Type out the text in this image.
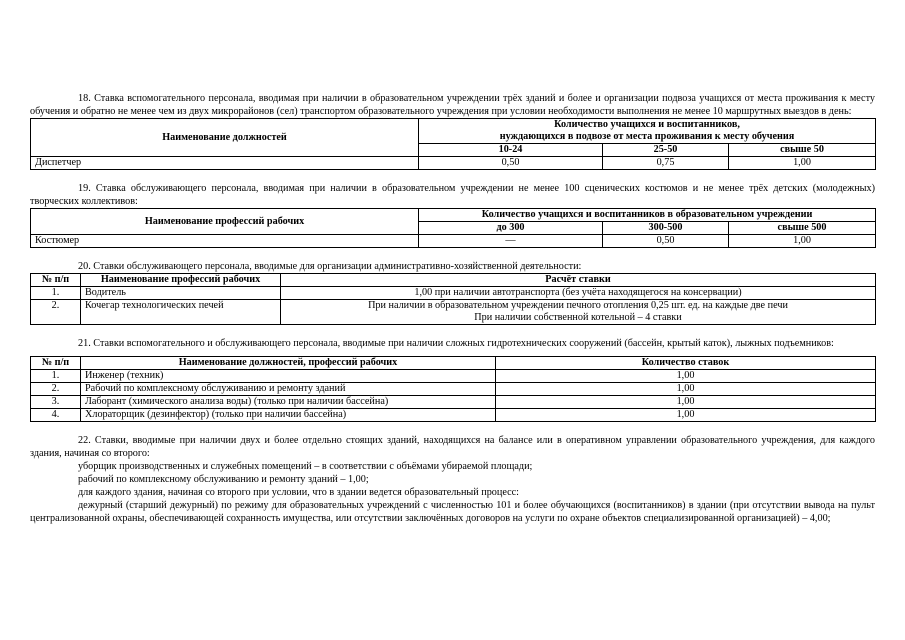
18. Ставка вспомогательного персонала, вводимая при наличии в образовательном учреждении трёх зданий и более и организации подвоза учащихся от места проживания к месту обучения и обратно не менее чем из двух микрорайонов (сел) транспортом образовательного учреждения при условии необходимости выполнения не менее 10 маршрутных выездов в день:

Наименование должностей	Количество учащихся и воспитанников,
нуждающихся в подвозе от места проживания к месту обучения		

	10-24	25-50	свыше 50
Диспетчер	0,50	0,75	1,00

19. Ставка обслуживающего персонала, вводимая при наличии в образовательном учреждении не менее 100 сценических костюмов и не менее трёх детских (молодежных) творческих коллективов:

Наименование профессий рабочих	Количество учащихся и воспитанников в образовательном учреждении		
	до 300	300-500	свыше 500
Костюмер	—	0,50	1,00

20. Ставки обслуживающего персонала, вводимые для организации административно-хозяйственной деятельности:

№ п/п	Наименование профессий рабочих	Расчёт ставки
1.	Водитель	1,00 при наличии автотранспорта (без учёта находящегося на консервации)
2.	Кочегар технологических печей	При наличии в образовательном учреждении печного отопления 0,25 шт. ед. на каждые две печи
При наличии собственной котельной – 4 ставки

21. Ставки вспомогательного и обслуживающего персонала, вводимые при наличии сложных гидротехнических сооружений (бассейн, крытый каток), лыжных подъемников:

№ п/п	Наименование должностей, профессий рабочих	Количество ставок
1.	Инженер (техник)	1,00
2.	Рабочий по комплексному обслуживанию и ремонту зданий	1,00
3.	Лаборант (химического анализа воды) (только при наличии бассейна)	1,00
4.	Хлораторщик (дезинфектор) (только при наличии бассейна)	1,00

22. Ставки, вводимые при наличии двух и более отдельно стоящих зданий, находящихся на балансе или в оперативном управлении образовательного учреждения, для каждого здания, начиная со второго:

уборщик производственных и служебных помещений – в соответствии с объёмами убираемой площади;

рабочий по комплексному обслуживанию и ремонту зданий – 1,00;

для каждого здания, начиная со второго при условии, что в здании ведется образовательный процесс:

дежурный (старший дежурный) по режиму для образовательных учреждений с численностью 101 и более обучающихся (воспитанников) в здании (при отсутствии вывода на пульт централизованной охраны, обеспечивающей сохранность имущества, или отсутствии заключённых договоров на услуги по охране объектов специализированной организацией) – 4,00;
